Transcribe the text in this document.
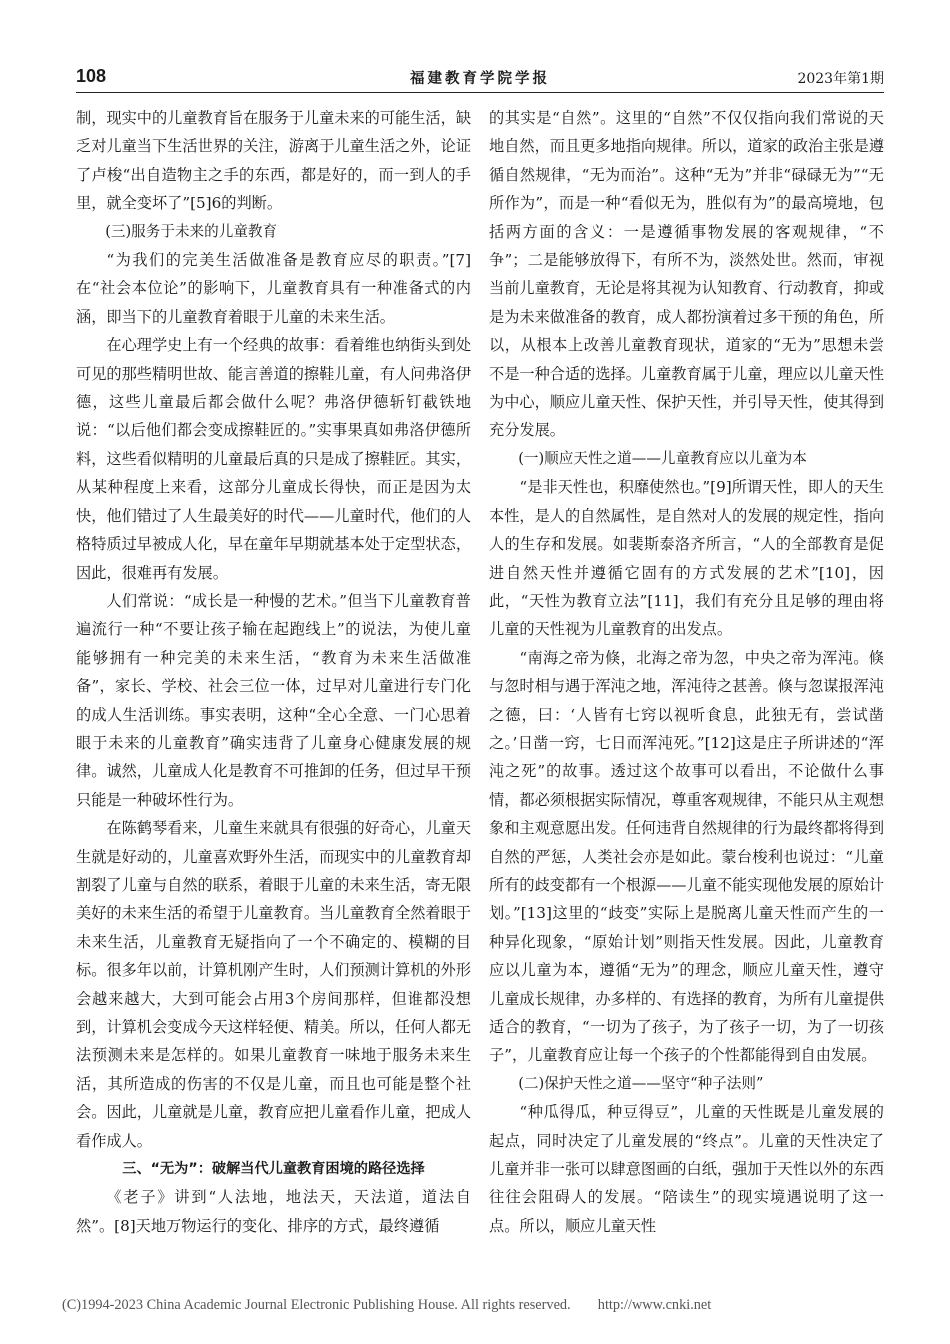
108	福建教育学院学报	2023年第1期

制，现实中的儿童教育旨在服务于儿童未来的可能生活，缺乏对儿童当下生活世界的关注，游离于儿童生活之外，论证了卢梭“出自造物主之手的东西，都是好的，而一到人的手里，就全变坏了”[5]6的判断。

(三)服务于未来的儿童教育

“为我们的完美生活做准备是教育应尽的职责。”[7]在“社会本位论”的影响下，儿童教育具有一种准备式的内涵，即当下的儿童教育着眼于儿童的未来生活。

在心理学史上有一个经典的故事：看着维也纳街头到处可见的那些精明世故、能言善道的擦鞋儿童，有人问弗洛伊德，这些儿童最后都会做什么呢？弗洛伊德斩钉截铁地说：“以后他们都会变成擦鞋匠的。”实事果真如弗洛伊德所料，这些看似精明的儿童最后真的只是成了擦鞋匠。其实，从某种程度上来看，这部分儿童成长得快，而正是因为太快，他们错过了人生最美好的时代——儿童时代，他们的人格特质过早被成人化，早在童年早期就基本处于定型状态，因此，很难再有发展。

人们常说：“成长是一种慢的艺术。”但当下儿童教育普遍流行一种“不要让孩子输在起跑线上”的说法，为使儿童能够拥有一种完美的未来生活，“教育为未来生活做准备”，家长、学校、社会三位一体，过早对儿童进行专门化的成人生活训练。事实表明，这种“全心全意、一门心思着眼于未来的儿童教育”确实违背了儿童身心健康发展的规律。诚然，儿童成人化是教育不可推卸的任务，但过早干预只能是一种破坏性行为。

在陈鹤琴看来，儿童生来就具有很强的好奇心，儿童天生就是好动的，儿童喜欢野外生活，而现实中的儿童教育却割裂了儿童与自然的联系，着眼于儿童的未来生活，寄无限美好的未来生活的希望于儿童教育。当儿童教育全然着眼于未来生活，儿童教育无疑指向了一个不确定的、模糊的目标。很多年以前，计算机刚产生时，人们预测计算机的外形会越来越大，大到可能会占用3个房间那样，但谁都没想到，计算机会变成今天这样轻便、精美。所以，任何人都无法预测未来是怎样的。如果儿童教育一味地于服务未来生活，其所造成的伤害的不仅是儿童，而且也可能是整个社会。因此，儿童就是儿童，教育应把儿童看作儿童，把成人看作成人。

三、“无为”：破解当代儿童教育困境的路径选择

《老子》讲到“人法地，地法天，天法道，道法自然”。[8]天地万物运行的变化、排序的方式，最终遵循

的其实是“自然”。这里的“自然”不仅仅指向我们常说的天地自然，而且更多地指向规律。所以，道家的政治主张是遵循自然规律，“无为而治”。这种“无为”并非“碌碌无为”“无所作为”，而是一种“看似无为，胜似有为”的最高境地，包括两方面的含义：一是遵循事物发展的客观规律，“不争”；二是能够放得下，有所不为，淡然处世。然而，审视当前儿童教育，无论是将其视为认知教育、行动教育，抑或是为未来做准备的教育，成人都扮演着过多干预的角色，所以，从根本上改善儿童教育现状，道家的“无为”思想未尝不是一种合适的选择。儿童教育属于儿童，理应以儿童天性为中心，顺应儿童天性、保护天性，并引导天性，使其得到充分发展。

(一)顺应天性之道——儿童教育应以儿童为本

“是非天性也，积靡使然也。”[9]所谓天性，即人的天生本性，是人的自然属性，是自然对人的发展的规定性，指向人的生存和发展。如裴斯泰洛齐所言，“人的全部教育是促进自然天性并遵循它固有的方式发展的艺术”[10]，因此，“天性为教育立法”[11]，我们有充分且足够的理由将儿童的天性视为儿童教育的出发点。

“南海之帝为倏，北海之帝为忽，中央之帝为浑沌。倏与忽时相与遇于浑沌之地，浑沌待之甚善。倏与忽谋报浑沌之德，曰：‘人皆有七窍以视听食息，此独无有，尝试凿之。’日凿一窍，七日而浑沌死。”[12]这是庄子所讲述的“浑沌之死”的故事。透过这个故事可以看出，不论做什么事情，都必须根据实际情况，尊重客观规律，不能只从主观想象和主观意愿出发。任何违背自然规律的行为最终都将得到自然的严惩，人类社会亦是如此。蒙台梭利也说过：“儿童所有的歧变都有一个根源——儿童不能实现他发展的原始计划。”[13]这里的“歧变”实际上是脱离儿童天性而产生的一种异化现象，“原始计划”则指天性发展。因此，儿童教育应以儿童为本，遵循“无为”的理念，顺应儿童天性，遵守儿童成长规律，办多样的、有选择的教育，为所有儿童提供适合的教育，“一切为了孩子，为了孩子一切，为了一切孩子”，儿童教育应让每一个孩子的个性都能得到自由发展。

(二)保护天性之道——坚守“种子法则”

“种瓜得瓜，种豆得豆”，儿童的天性既是儿童发展的起点，同时决定了儿童发展的“终点”。儿童的天性决定了儿童并非一张可以肆意图画的白纸，强加于天性以外的东西往往会阻碍人的发展。“陪读生”的现实境遇说明了这一点。所以，顺应儿童天性

(C)1994-2023 China Academic Journal Electronic Publishing House. All rights reserved. http://www.cnki.net
